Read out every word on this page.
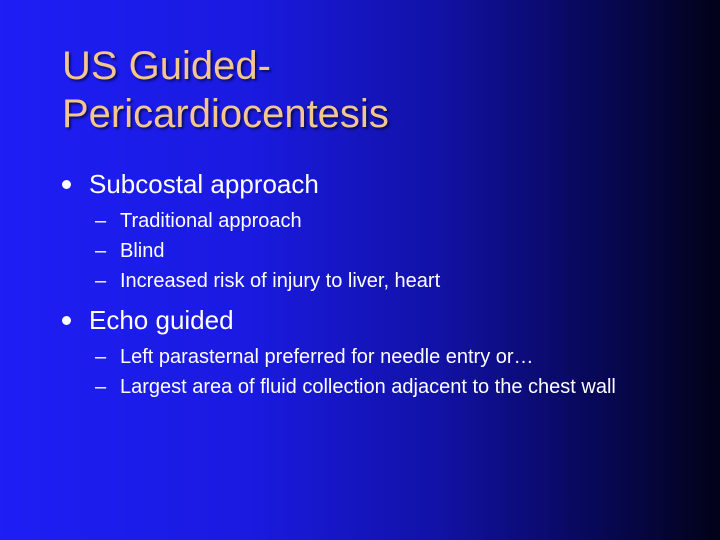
US Guided-
Pericardiocentesis
Subcostal approach
– Traditional approach
– Blind
– Increased risk of injury to liver, heart
Echo guided
– Left parasternal preferred for needle entry or…
– Largest area of fluid collection adjacent to the chest wall
